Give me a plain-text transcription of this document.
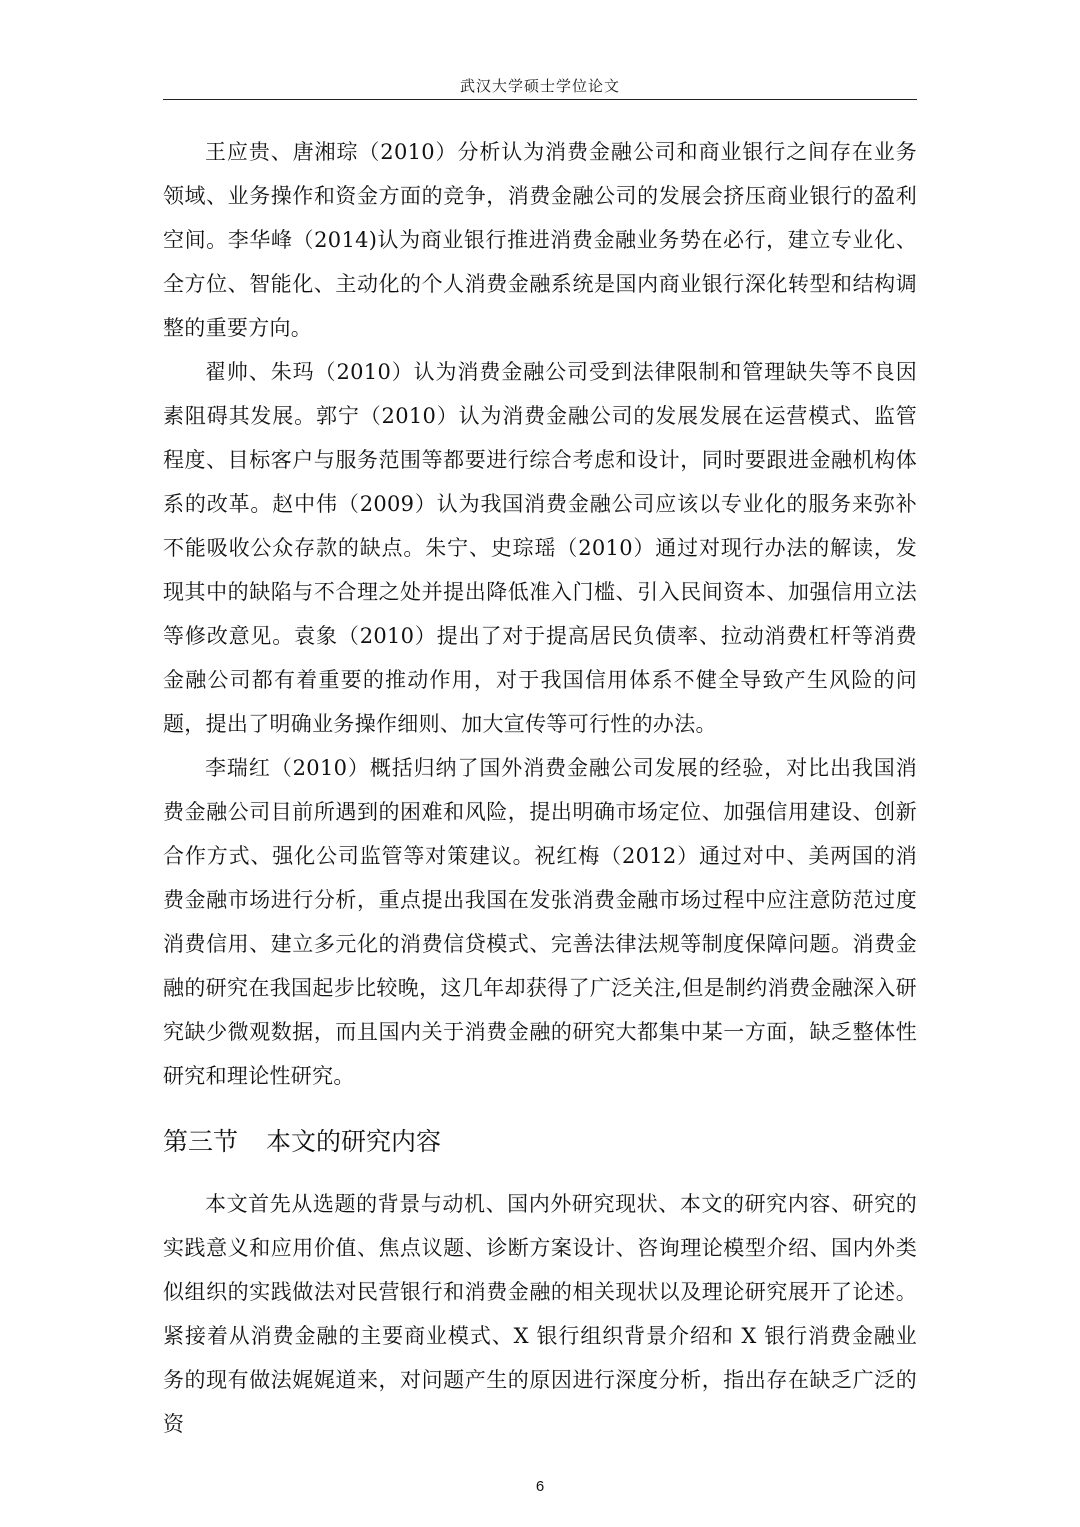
武汉大学硕士学位论文

王应贵、唐湘琮（2010）分析认为消费金融公司和商业银行之间存在业务领域、业务操作和资金方面的竞争，消费金融公司的发展会挤压商业银行的盈利空间。李华峰（2014)认为商业银行推进消费金融业务势在必行，建立专业化、全方位、智能化、主动化的个人消费金融系统是国内商业银行深化转型和结构调整的重要方向。

翟帅、朱玛（2010）认为消费金融公司受到法律限制和管理缺失等不良因素阻碍其发展。郭宁（2010）认为消费金融公司的发展发展在运营模式、监管程度、目标客户与服务范围等都要进行综合考虑和设计，同时要跟进金融机构体系的改革。赵中伟（2009）认为我国消费金融公司应该以专业化的服务来弥补不能吸收公众存款的缺点。朱宁、史琮瑶（2010）通过对现行办法的解读，发现其中的缺陷与不合理之处并提出降低准入门槛、引入民间资本、加强信用立法等修改意见。袁象（2010）提出了对于提高居民负债率、拉动消费杠杆等消费金融公司都有着重要的推动作用，对于我国信用体系不健全导致产生风险的问题，提出了明确业务操作细则、加大宣传等可行性的办法。

李瑞红（2010）概括归纳了国外消费金融公司发展的经验，对比出我国消费金融公司目前所遇到的困难和风险，提出明确市场定位、加强信用建设、创新合作方式、强化公司监管等对策建议。祝红梅（2012）通过对中、美两国的消费金融市场进行分析，重点提出我国在发张消费金融市场过程中应注意防范过度消费信用、建立多元化的消费信贷模式、完善法律法规等制度保障问题。消费金融的研究在我国起步比较晚，这几年却获得了广泛关注,但是制约消费金融深入研究缺少微观数据，而且国内关于消费金融的研究大都集中某一方面，缺乏整体性研究和理论性研究。

第三节 本文的研究内容

本文首先从选题的背景与动机、国内外研究现状、本文的研究内容、研究的实践意义和应用价值、焦点议题、诊断方案设计、咨询理论模型介绍、国内外类似组织的实践做法对民营银行和消费金融的相关现状以及理论研究展开了论述。紧接着从消费金融的主要商业模式、X 银行组织背景介绍和 X 银行消费金融业务的现有做法娓娓道来，对问题产生的原因进行深度分析，指出存在缺乏广泛的资

6
